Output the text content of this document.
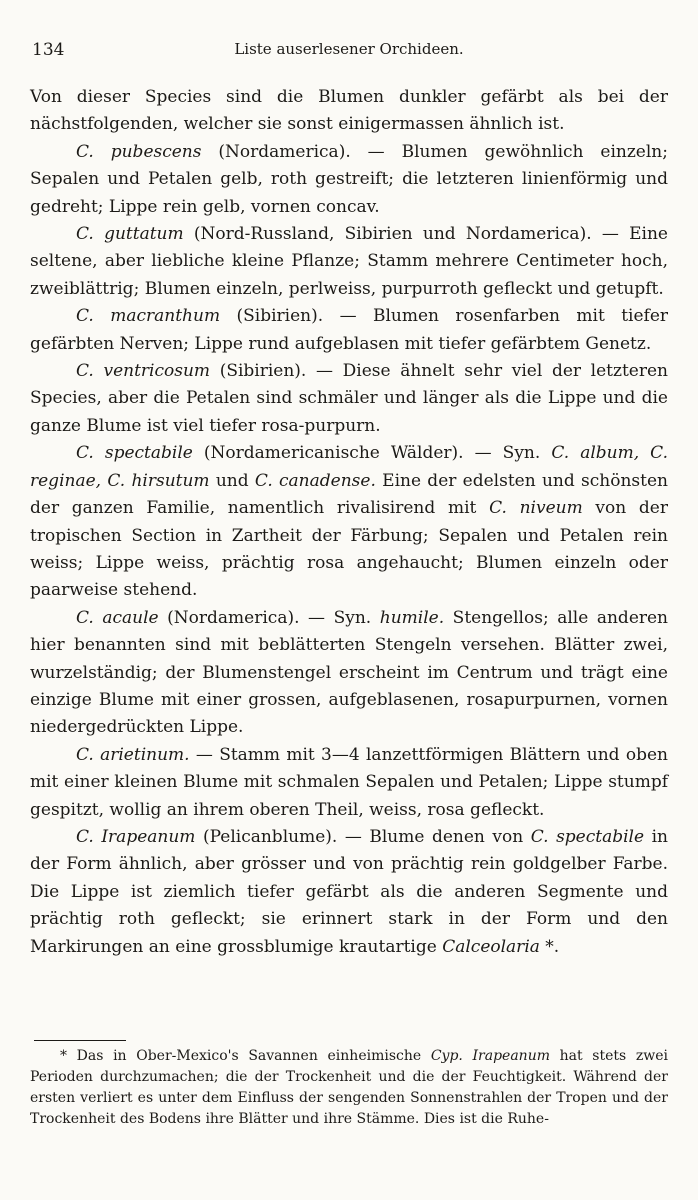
134	Liste auserlesener Orchideen.

Von dieser Species sind die Blumen dunkler gefärbt als bei der nächstfolgenden, welcher sie sonst einigermassen ähnlich ist.

C. pubescens (Nordamerica). — Blumen gewöhnlich einzeln; Sepalen und Petalen gelb, roth gestreift; die letzteren linienförmig und gedreht; Lippe rein gelb, vornen concav.

C. guttatum (Nord-Russland, Sibirien und Nordamerica). — Eine seltene, aber liebliche kleine Pflanze; Stamm mehrere Centimeter hoch, zweiblättrig; Blumen einzeln, perlweiss, purpurroth gefleckt und getupft.

C. macranthum (Sibirien). — Blumen rosenfarben mit tiefer gefärbten Nerven; Lippe rund aufgeblasen mit tiefer gefärbtem Genetz.

C. ventricosum (Sibirien). — Diese ähnelt sehr viel der letzteren Species, aber die Petalen sind schmäler und länger als die Lippe und die ganze Blume ist viel tiefer rosa-purpurn.

C. spectabile (Nordamericanische Wälder). — Syn. C. album, C. reginae, C. hirsutum und C. canadense. Eine der edelsten und schönsten der ganzen Familie, namentlich rivalisirend mit C. niveum von der tropischen Section in Zartheit der Färbung; Sepalen und Petalen rein weiss; Lippe weiss, prächtig rosa angehaucht; Blumen einzeln oder paarweise stehend.

C. acaule (Nordamerica). — Syn. humile. Stengellos; alle anderen hier benannten sind mit beblätterten Stengeln versehen. Blätter zwei, wurzelständig; der Blumenstengel erscheint im Centrum und trägt eine einzige Blume mit einer grossen, aufgeblasenen, rosapurpurnen, vornen niedergedrückten Lippe.

C. arietinum. — Stamm mit 3—4 lanzettförmigen Blättern und oben mit einer kleinen Blume mit schmalen Sepalen und Petalen; Lippe stumpf gespitzt, wollig an ihrem oberen Theil, weiss, rosa gefleckt.

C. Irapeanum (Pelicanblume). — Blume denen von C. spectabile in der Form ähnlich, aber grösser und von prächtig rein goldgelber Farbe. Die Lippe ist ziemlich tiefer gefärbt als die anderen Segmente und prächtig roth gefleckt; sie erinnert stark in der Form und den Markirungen an eine grossblumige krautartige Calceolaria *.

* Das in Ober-Mexico's Savannen einheimische Cyp. Irapeanum hat stets zwei Perioden durchzumachen; die der Trockenheit und die der Feuchtigkeit. Während der ersten verliert es unter dem Einfluss der sengenden Sonnenstrahlen der Tropen und der Trockenheit des Bodens ihre Blätter und ihre Stämme. Dies ist die Ruhe-
